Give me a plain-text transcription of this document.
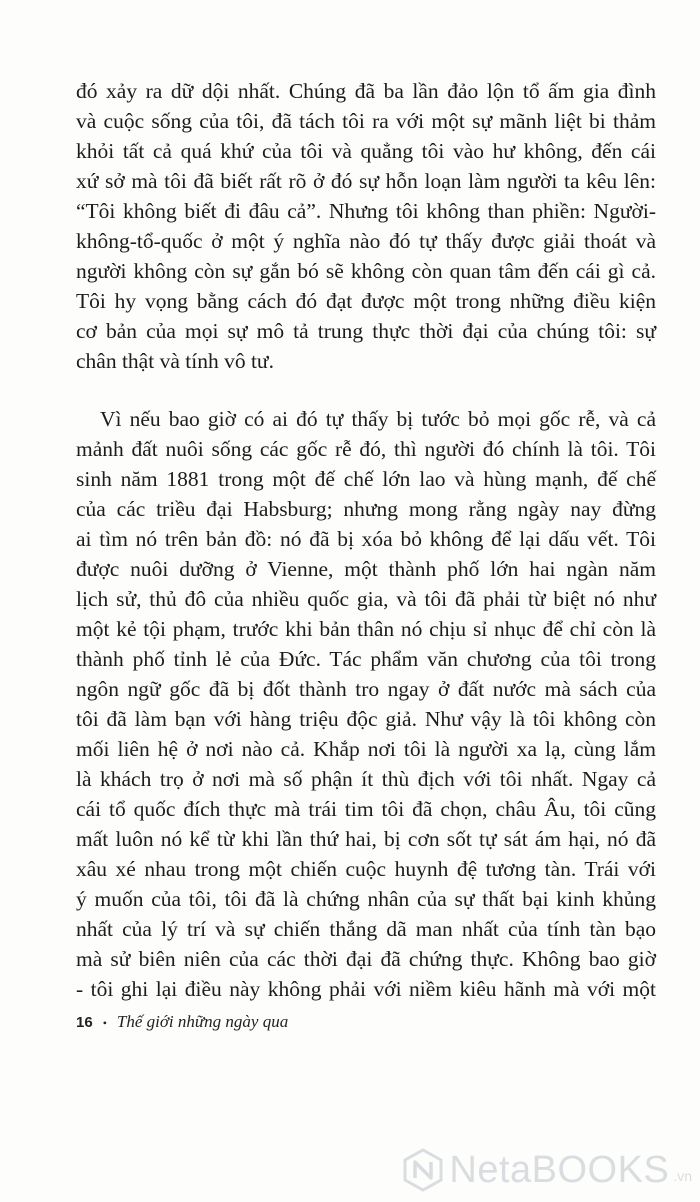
đó xảy ra dữ dội nhất. Chúng đã ba lần đảo lộn tổ ấm gia đình
và cuộc sống của tôi, đã tách tôi ra với một sự mãnh liệt bi thảm
khỏi tất cả quá khứ của tôi và quẳng tôi vào hư không, đến cái
xứ sở mà tôi đã biết rất rõ ở đó sự hỗn loạn làm người ta kêu lên:
“Tôi không biết đi đâu cả”. Nhưng tôi không than phiền: Người-
không-tổ-quốc ở một ý nghĩa nào đó tự thấy được giải thoát và
người không còn sự gắn bó sẽ không còn quan tâm đến cái gì cả.
Tôi hy vọng bằng cách đó đạt được một trong những điều kiện
cơ bản của mọi sự mô tả trung thực thời đại của chúng tôi: sự
chân thật và tính vô tư.
Vì nếu bao giờ có ai đó tự thấy bị tước bỏ mọi gốc rễ, và cả
mảnh đất nuôi sống các gốc rễ đó, thì người đó chính là tôi. Tôi
sinh năm 1881 trong một đế chế lớn lao và hùng mạnh, đế chế
của các triều đại Habsburg; nhưng mong rằng ngày nay đừng
ai tìm nó trên bản đồ: nó đã bị xóa bỏ không để lại dấu vết. Tôi
được nuôi dưỡng ở Vienne, một thành phố lớn hai ngàn năm
lịch sử, thủ đô của nhiều quốc gia, và tôi đã phải từ biệt nó như
một kẻ tội phạm, trước khi bản thân nó chịu sỉ nhục để chỉ còn là
thành phố tỉnh lẻ của Đức. Tác phẩm văn chương của tôi trong
ngôn ngữ gốc đã bị đốt thành tro ngay ở đất nước mà sách của
tôi đã làm bạn với hàng triệu độc giả. Như vậy là tôi không còn
mối liên hệ ở nơi nào cả. Khắp nơi tôi là người xa lạ, cùng lắm
là khách trọ ở nơi mà số phận ít thù địch với tôi nhất. Ngay cả
cái tổ quốc đích thực mà trái tim tôi đã chọn, châu Âu, tôi cũng
mất luôn nó kể từ khi lần thứ hai, bị cơn sốt tự sát ám hại, nó đã
xâu xé nhau trong một chiến cuộc huynh đệ tương tàn. Trái với
ý muốn của tôi, tôi đã là chứng nhân của sự thất bại kinh khủng
nhất của lý trí và sự chiến thắng dã man nhất của tính tàn bạo
mà sử biên niên của các thời đại đã chứng thực. Không bao giờ
- tôi ghi lại điều này không phải với niềm kiêu hãnh mà với một
16 • Thế giới những ngày qua
NetaBOOKS .vn
